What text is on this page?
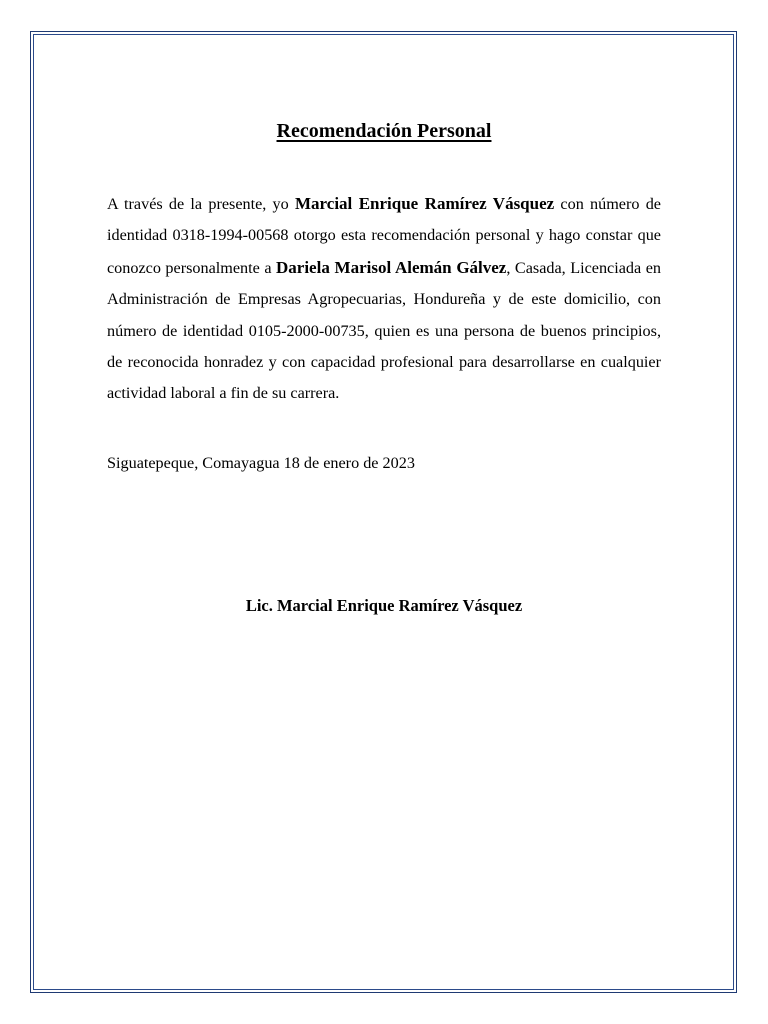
Recomendación Personal

A través de la presente, yo Marcial Enrique Ramírez Vásquez con número de identidad 0318-1994-00568 otorgo esta recomendación personal y hago constar que conozco personalmente a Dariela Marisol Alemán Gálvez, Casada, Licenciada en Administración de Empresas Agropecuarias, Hondureña y de este domicilio, con número de identidad 0105-2000-00735, quien es una persona de buenos principios, de reconocida honradez y con capacidad profesional para desarrollarse en cualquier actividad laboral a fin de su carrera.

Siguatepeque, Comayagua 18 de enero de 2023
Lic. Marcial Enrique Ramírez Vásquez
